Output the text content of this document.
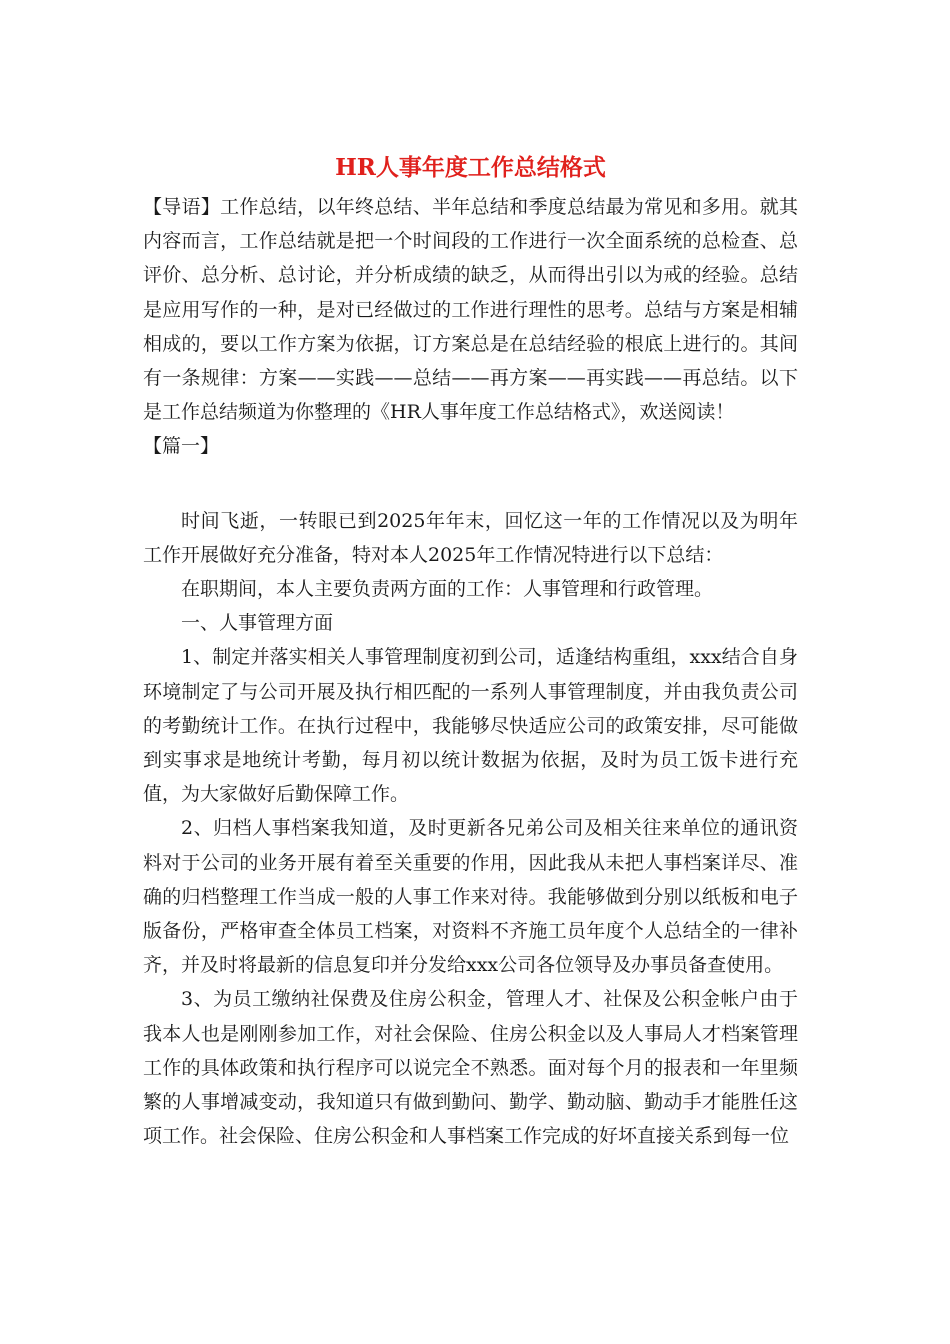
HR人事年度工作总结格式

【导语】工作总结，以年终总结、半年总结和季度总结最为常见和多用。就其内容而言，工作总结就是把一个时间段的工作进行一次全面系统的总检查、总评价、总分析、总讨论，并分析成绩的缺乏，从而得出引以为戒的经验。总结是应用写作的一种，是对已经做过的工作进行理性的思考。总结与方案是相辅相成的，要以工作方案为依据，订方案总是在总结经验的根底上进行的。其间有一条规律：方案——实践——总结——再方案——再实践——再总结。以下是工作总结频道为你整理的《HR人事年度工作总结格式》，欢送阅读！

【篇一】

时间飞逝，一转眼已到2025年年末，回忆这一年的工作情况以及为明年工作开展做好充分准备，特对本人2025年工作情况特进行以下总结：

在职期间，本人主要负责两方面的工作：人事管理和行政管理。

一、人事管理方面

1、制定并落实相关人事管理制度初到公司，适逢结构重组，xxx结合自身环境制定了与公司开展及执行相匹配的一系列人事管理制度，并由我负责公司的考勤统计工作。在执行过程中，我能够尽快适应公司的政策安排，尽可能做到实事求是地统计考勤，每月初以统计数据为依据，及时为员工饭卡进行充值，为大家做好后勤保障工作。

2、归档人事档案我知道，及时更新各兄弟公司及相关往来单位的通讯资料对于公司的业务开展有着至关重要的作用，因此我从未把人事档案详尽、准确的归档整理工作当成一般的人事工作来对待。我能够做到分别以纸板和电子版备份，严格审查全体员工档案，对资料不齐施工员年度个人总结全的一律补齐，并及时将最新的信息复印并分发给xxx公司各位领导及办事员备查使用。

3、为员工缴纳社保费及住房公积金，管理人才、社保及公积金帐户由于我本人也是刚刚参加工作，对社会保险、住房公积金以及人事局人才档案管理工作的具体政策和执行程序可以说完全不熟悉。面对每个月的报表和一年里频繁的人事增减变动，我知道只有做到勤问、勤学、勤动脑、勤动手才能胜任这项工作。社会保险、住房公积金和人事档案工作完成的好坏直接关系到每一位
